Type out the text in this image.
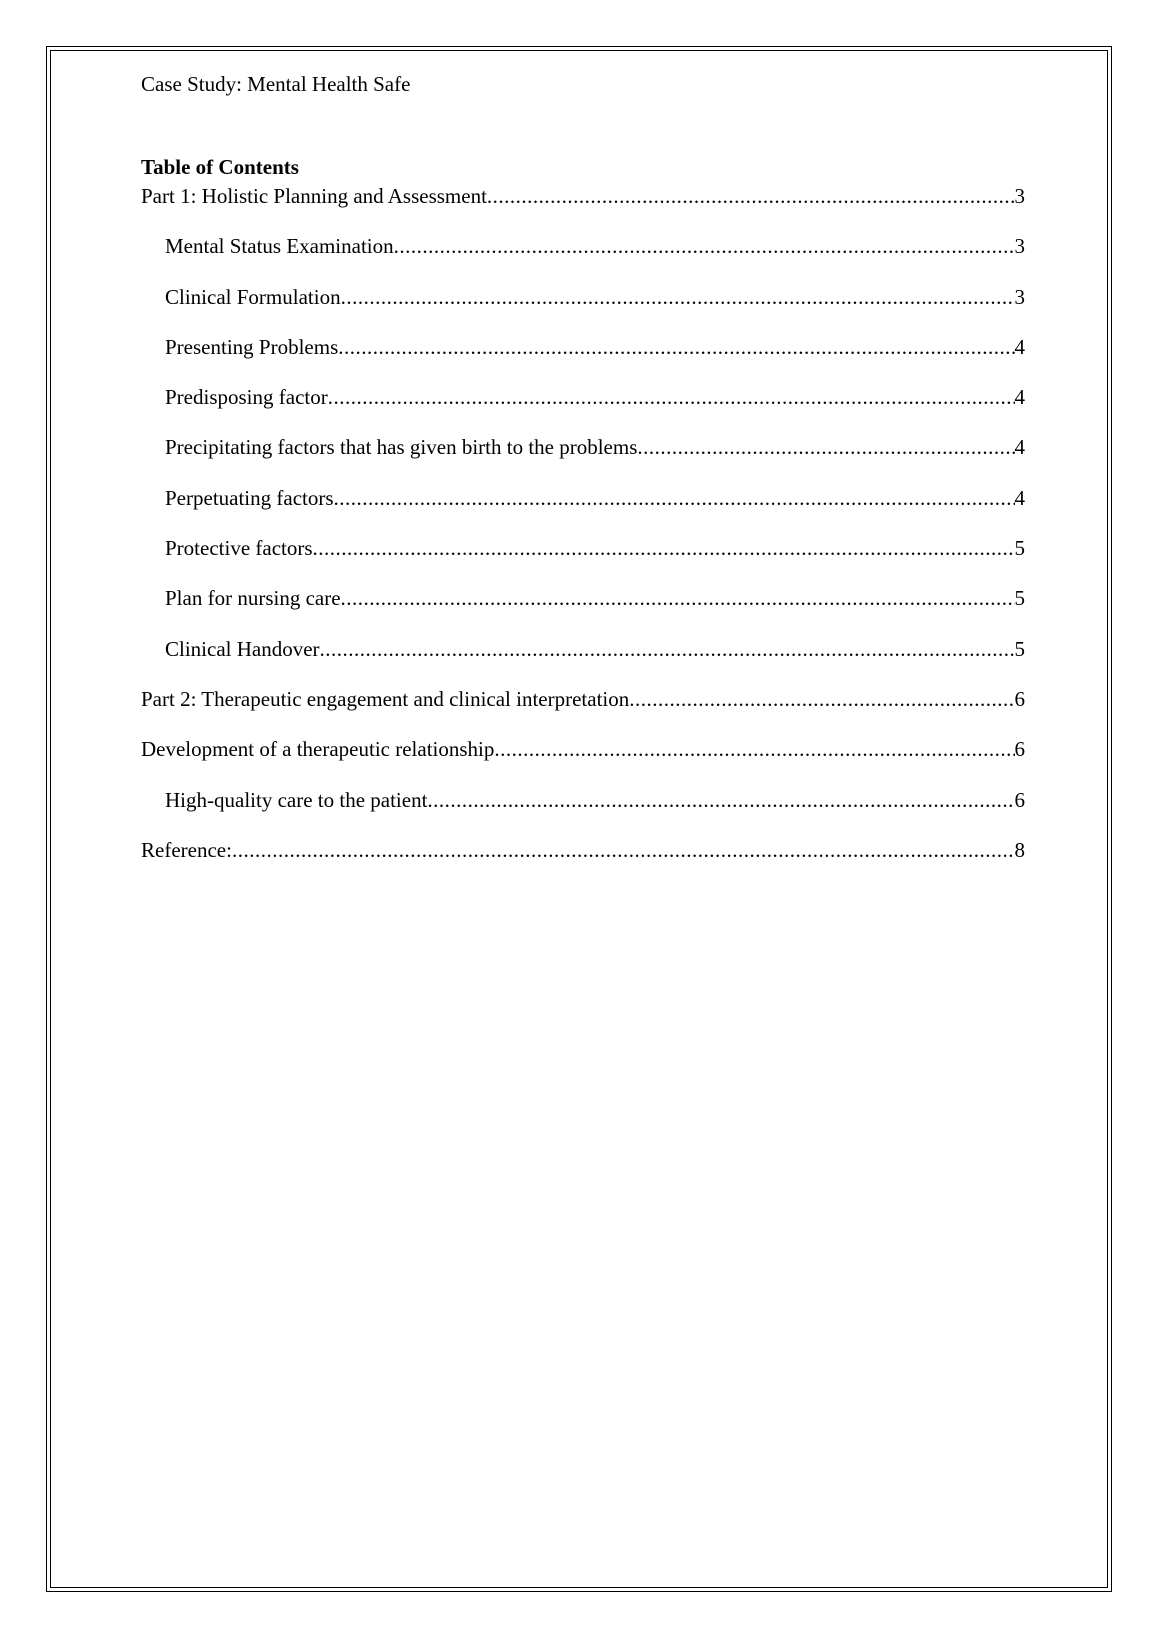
Case Study: Mental Health Safe
Table of Contents
Part 1: Holistic Planning and Assessment .....	3
Mental Status Examination .....	3
Clinical Formulation .....	3
Presenting Problems .....	4
Predisposing factor .....	4
Precipitating factors that has given birth to the problems .....	4
Perpetuating factors .....	4
Protective factors .....	5
Plan for nursing care .....	5
Clinical Handover .....	5
Part 2: Therapeutic engagement and clinical interpretation .....	6
Development of a therapeutic relationship .....	6
High-quality care to the patient .....	6
Reference: .....	8
